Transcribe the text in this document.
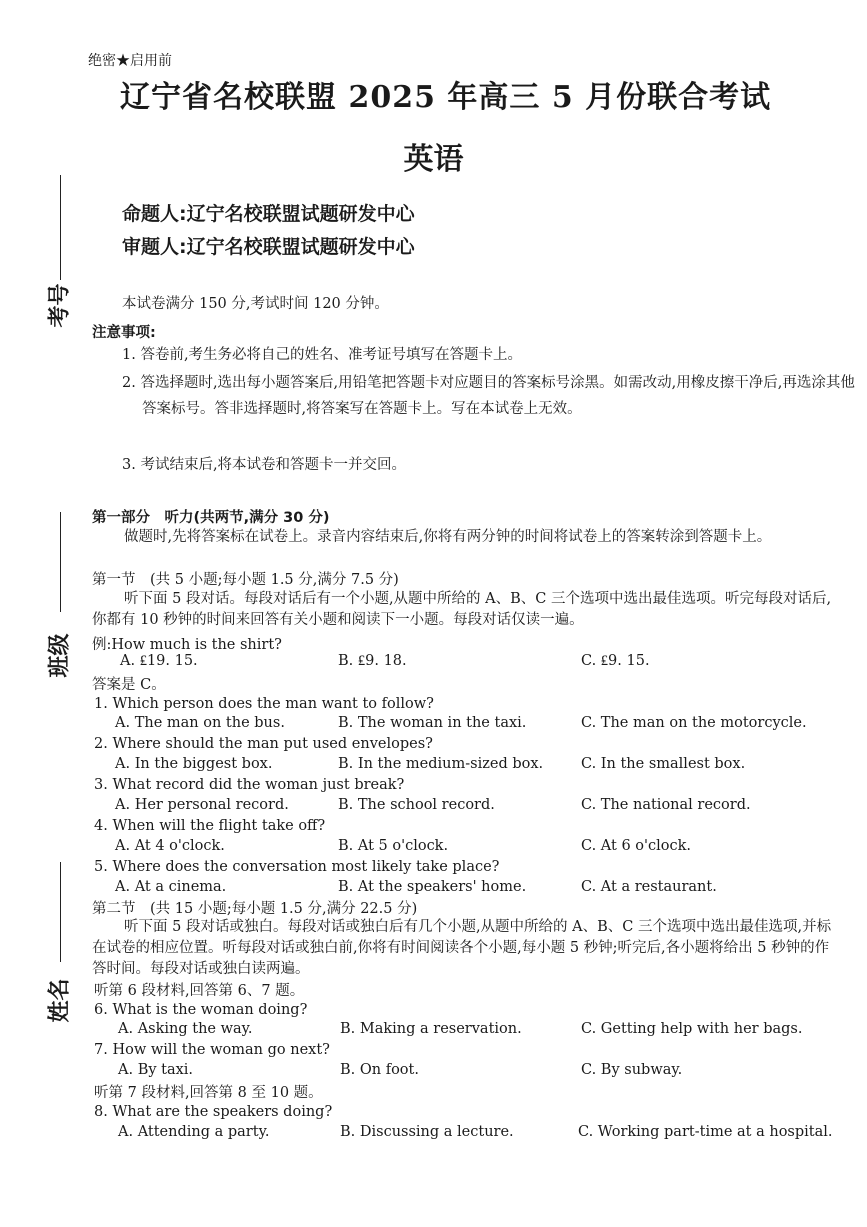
考号
班级
姓名
绝密★启用前
辽宁省名校联盟 2025 年高三 5 月份联合考试
英语
命题人:辽宁名校联盟试题研发中心
审题人:辽宁名校联盟试题研发中心
本试卷满分 150 分,考试时间 120 分钟。
注意事项:
1. 答卷前,考生务必将自己的姓名、准考证号填写在答题卡上。
2. 答选择题时,选出每小题答案后,用铅笔把答题卡对应题目的答案标号涂黑。如需改动,用橡皮擦干净后,再选涂其他答案标号。答非选择题时,将答案写在答题卡上。写在本试卷上无效。
3. 考试结束后,将本试卷和答题卡一并交回。
第一部分　听力(共两节,满分 30 分)
做题时,先将答案标在试卷上。录音内容结束后,你将有两分钟的时间将试卷上的答案转涂到答题卡上。
第一节　(共 5 小题;每小题 1.5 分,满分 7.5 分)
听下面 5 段对话。每段对话后有一个小题,从题中所给的 A、B、C 三个选项中选出最佳选项。听完每段对话后,你都有 10 秒钟的时间来回答有关小题和阅读下一小题。每段对话仅读一遍。
例:How much is the shirt?
A. ₤19. 15.	B. ₤9. 18.	C. ₤9. 15.
答案是 C。
1. Which person does the man want to follow?
A. The man on the bus.	B. The woman in the taxi.	C. The man on the motorcycle.
2. Where should the man put used envelopes?
A. In the biggest box.	B. In the medium-sized box.	C. In the smallest box.
3. What record did the woman just break?
A. Her personal record.	B. The school record.	C. The national record.
4. When will the flight take off?
A. At 4 o'clock.	B. At 5 o'clock.	C. At 6 o'clock.
5. Where does the conversation most likely take place?
A. At a cinema.	B. At the speakers' home.	C. At a restaurant.
第二节　(共 15 小题;每小题 1.5 分,满分 22.5 分)
听下面 5 段对话或独白。每段对话或独白后有几个小题,从题中所给的 A、B、C 三个选项中选出最佳选项,并标在试卷的相应位置。听每段对话或独白前,你将有时间阅读各个小题,每小题 5 秒钟;听完后,各小题将给出 5 秒钟的作答时间。每段对话或独白读两遍。
听第 6 段材料,回答第 6、7 题。
6. What is the woman doing?
A. Asking the way.	B. Making a reservation.	C. Getting help with her bags.
7. How will the woman go next?
A. By taxi.	B. On foot.	C. By subway.
听第 7 段材料,回答第 8 至 10 题。
8. What are the speakers doing?
A. Attending a party.	B. Discussing a lecture.	C. Working part-time at a hospital.
